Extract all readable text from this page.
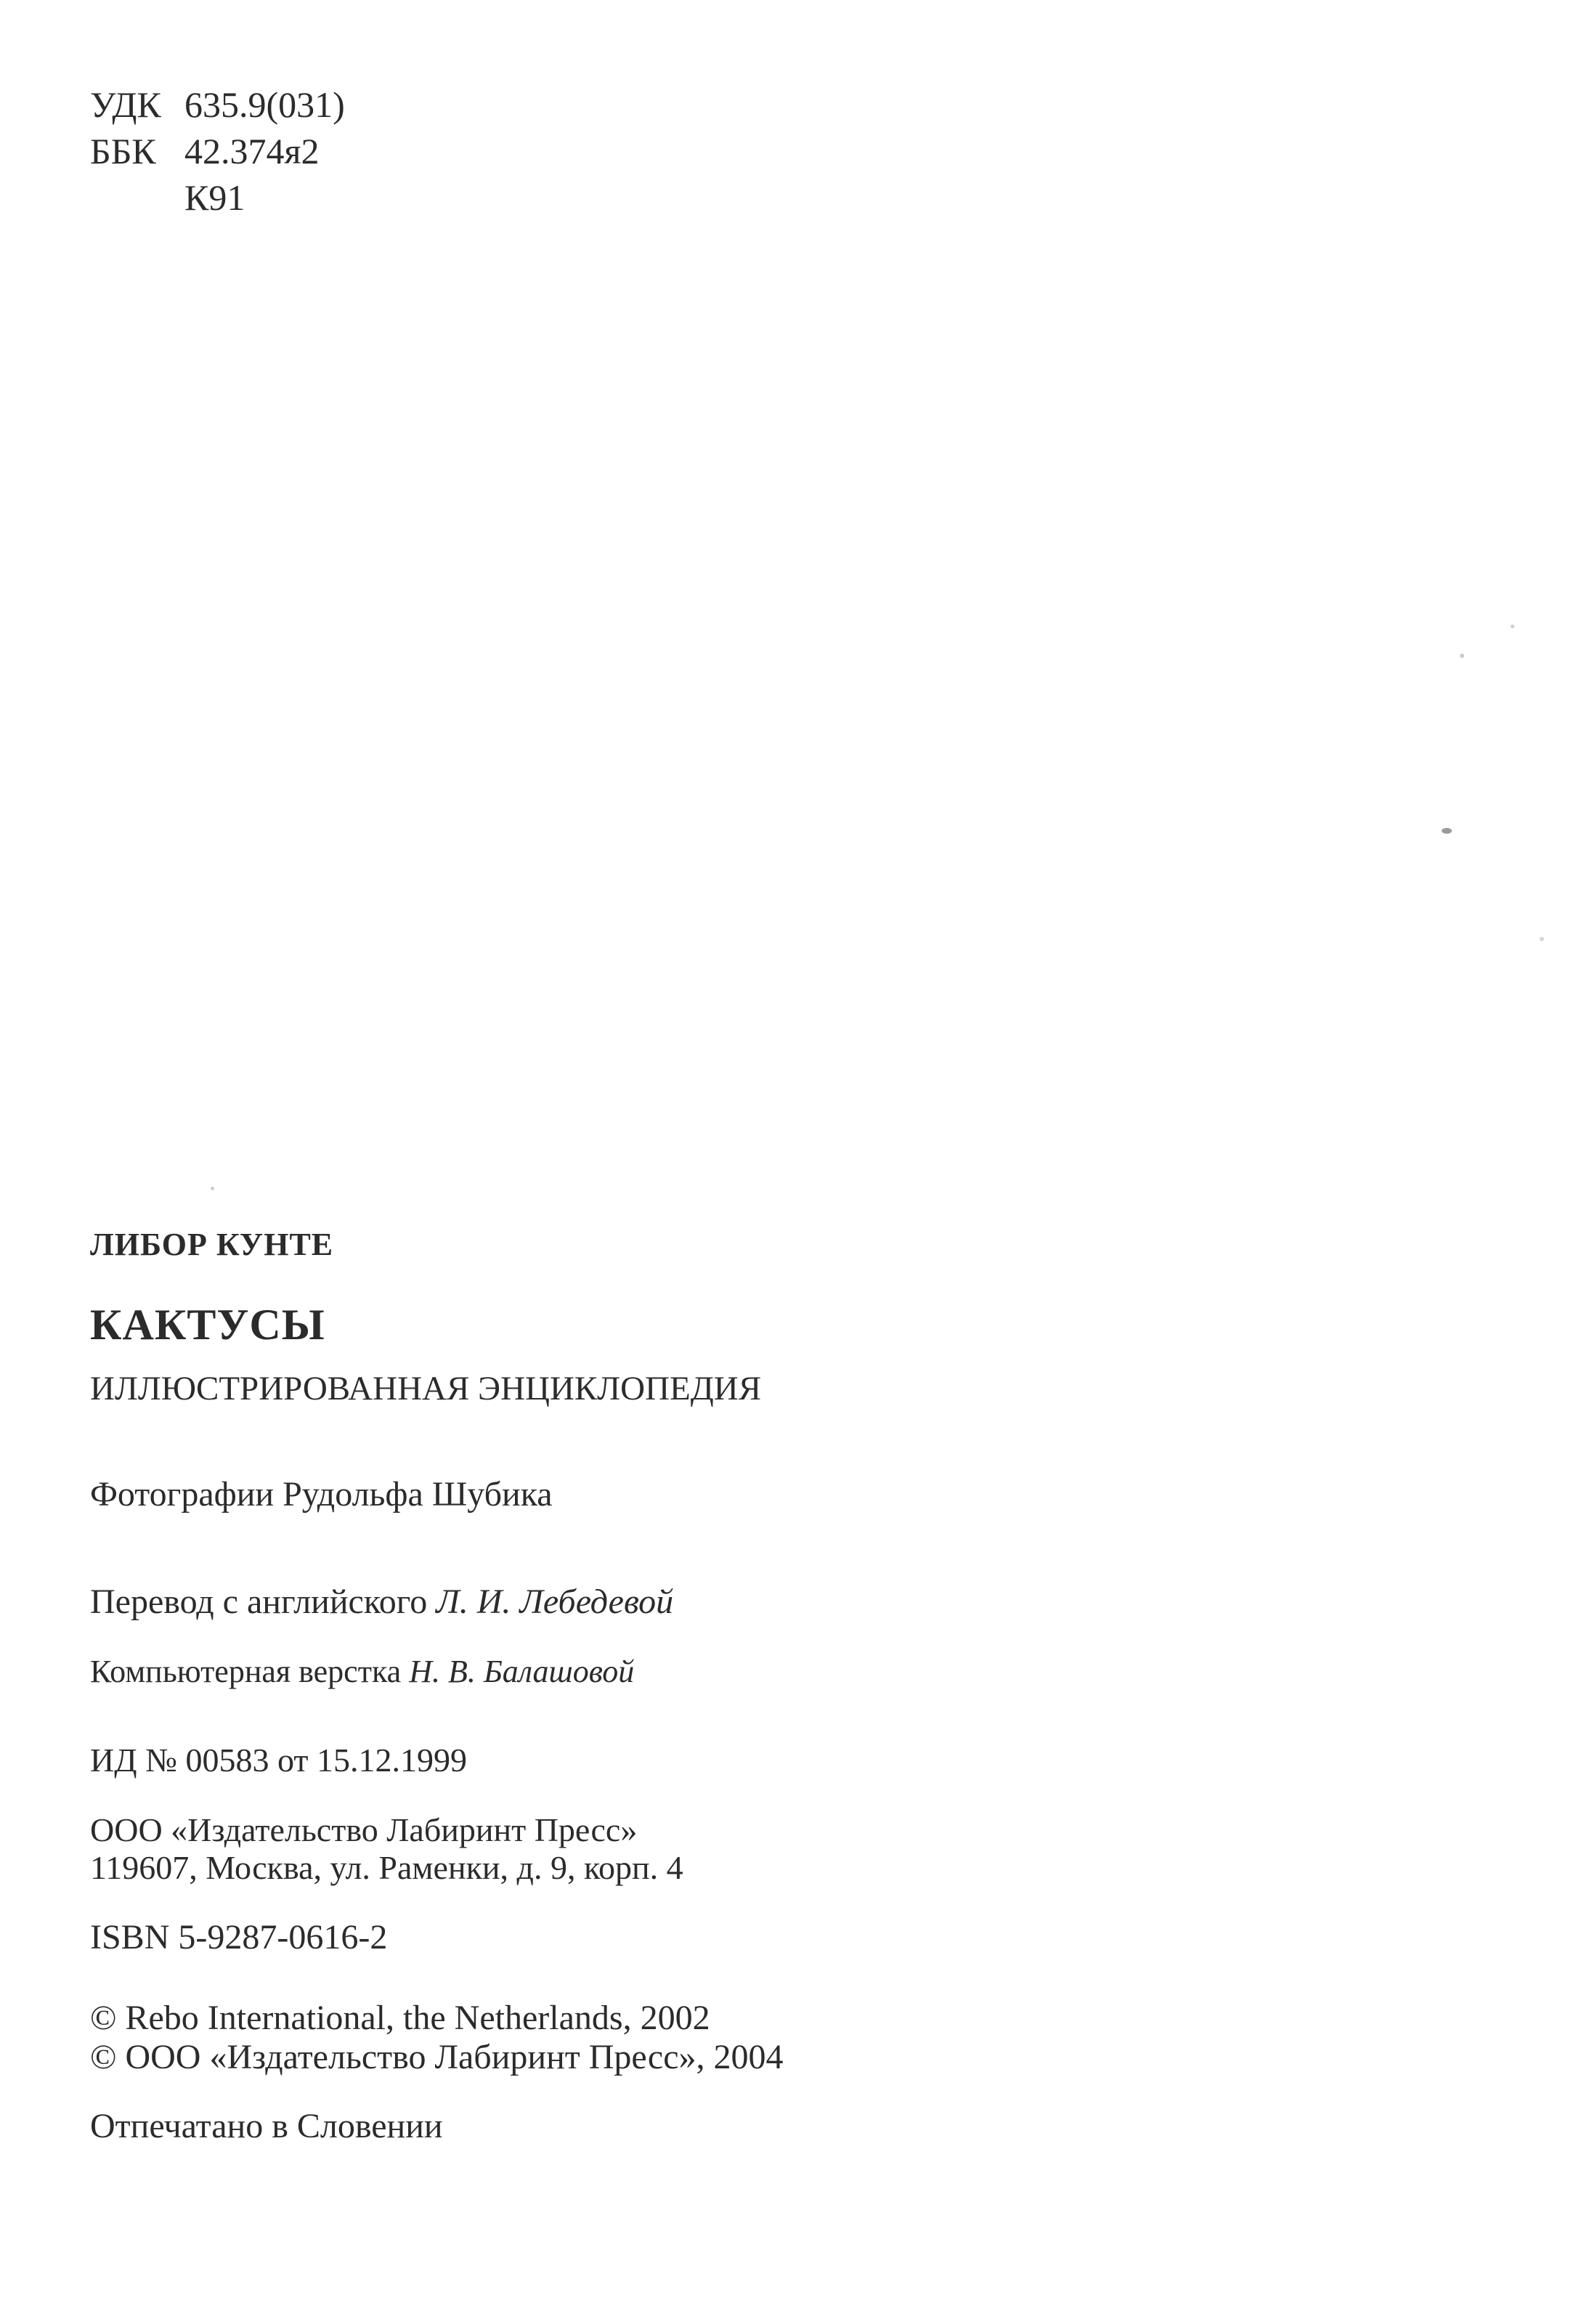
УДК 635.9(031)
ББК 42.374я2
К91
ЛИБОР КУНТЕ
КАКТУСЫ
ИЛЛЮСТРИРОВАННАЯ ЭНЦИКЛОПЕДИЯ
Фотографии Рудольфа Шубика
Перевод с английского Л. И. Лебедевой
Компьютерная верстка Н. В. Балашовой
ИД № 00583 от 15.12.1999
ООО «Издательство Лабиринт Пресс»
119607, Москва, ул. Раменки, д. 9, корп. 4
ISBN 5-9287-0616-2
© Rebo International, the Netherlands, 2002
© ООО «Издательство Лабиринт Пресс», 2004
Отпечатано в Словении
